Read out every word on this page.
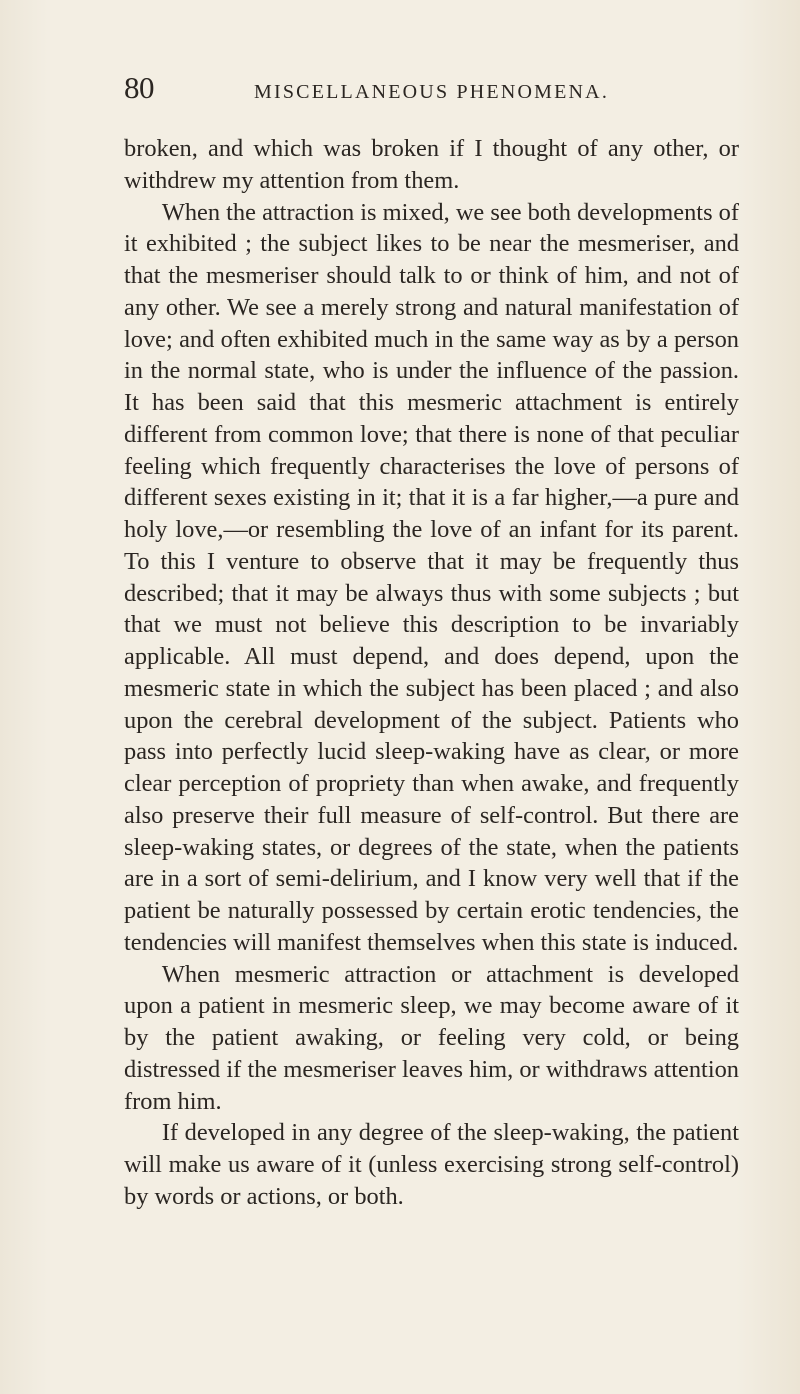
80	MISCELLANEOUS PHENOMENA.

broken, and which was broken if I thought of any other, or withdrew my attention from them.

When the attraction is mixed, we see both developments of it exhibited ; the subject likes to be near the mesmeriser, and that the mesmeriser should talk to or think of him, and not of any other. We see a merely strong and natural manifestation of love; and often exhibited much in the same way as by a person in the normal state, who is under the influence of the passion. It has been said that this mesmeric attachment is entirely different from common love; that there is none of that peculiar feeling which frequently characterises the love of persons of different sexes existing in it; that it is a far higher,—a pure and holy love,—or resembling the love of an infant for its parent. To this I venture to observe that it may be frequently thus described; that it may be always thus with some subjects ; but that we must not believe this description to be invariably applicable. All must depend, and does depend, upon the mesmeric state in which the subject has been placed ; and also upon the cerebral development of the subject. Patients who pass into perfectly lucid sleep-waking have as clear, or more clear perception of propriety than when awake, and frequently also preserve their full measure of self-control. But there are sleep-waking states, or degrees of the state, when the patients are in a sort of semi-delirium, and I know very well that if the patient be naturally possessed by certain erotic tendencies, the tendencies will manifest themselves when this state is induced.

When mesmeric attraction or attachment is developed upon a patient in mesmeric sleep, we may become aware of it by the patient awaking, or feeling very cold, or being distressed if the mesmeriser leaves him, or withdraws attention from him.

If developed in any degree of the sleep-waking, the patient will make us aware of it (unless exercising strong self-control) by words or actions, or both.
